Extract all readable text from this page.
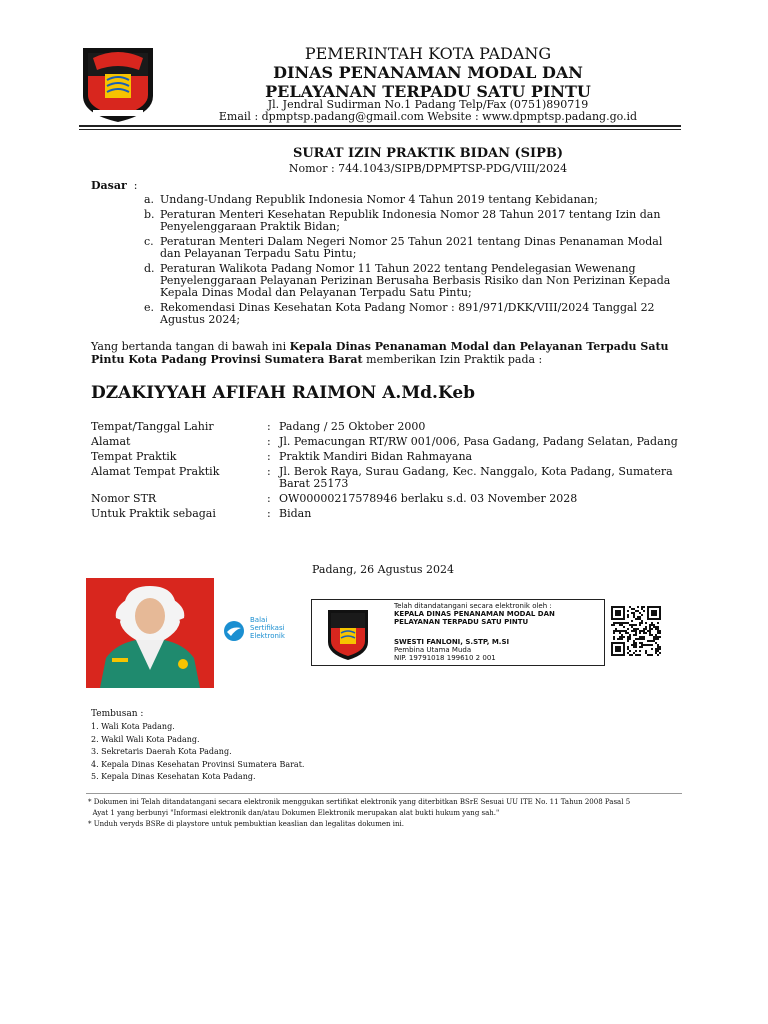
PEMERINTAH KOTA PADANG
DINAS PENANAMAN MODAL DAN
PELAYANAN TERPADU SATU PINTU
Jl. Jendral Sudirman No.1 Padang Telp/Fax (0751)890719
Email : dpmptsp.padang@gmail.com Website : www.dpmptsp.padang.go.id
SURAT IZIN PRAKTIK BIDAN (SIPB)
Nomor : 744.1043/SIPB/DPMPTSP-PDG/VIII/2024
Dasar :
a. Undang-Undang Republik Indonesia Nomor 4 Tahun 2019 tentang Kebidanan;
b. Peraturan Menteri Kesehatan Republik Indonesia Nomor 28 Tahun 2017 tentang Izin dan Penyelenggaraan Praktik Bidan;
c. Peraturan Menteri Dalam Negeri Nomor 25 Tahun 2021 tentang Dinas Penanaman Modal dan Pelayanan Terpadu Satu Pintu;
d. Peraturan Walikota Padang Nomor 11 Tahun 2022 tentang Pendelegasian Wewenang Penyelenggaraan Pelayanan Perizinan Berusaha Berbasis Risiko dan Non Perizinan Kepada Kepala Dinas Modal dan Pelayanan Terpadu Satu Pintu;
e. Rekomendasi Dinas Kesehatan Kota Padang Nomor : 891/971/DKK/VIII/2024 Tanggal 22 Agustus 2024;
Yang bertanda tangan di bawah ini Kepala Dinas Penanaman Modal dan Pelayanan Terpadu Satu Pintu Kota Padang Provinsi Sumatera Barat memberikan Izin Praktik pada :
DZAKIYYAH AFIFAH RAIMON A.Md.Keb
Tempat/Tanggal Lahir	: Padang / 25 Oktober 2000
Alamat	: Jl. Pemacungan RT/RW 001/006, Pasa Gadang, Padang Selatan, Padang
Tempat Praktik	: Praktik Mandiri Bidan Rahmayana
Alamat Tempat Praktik	: Jl. Berok Raya, Surau Gadang, Kec. Nanggalo, Kota Padang, Sumatera Barat 25173
Nomor STR	: OW00000217578946 berlaku s.d. 03 November 2028
Untuk Praktik sebagai	: Bidan
Padang, 26 Agustus 2024
Balai
Sertifikasi
Elektronik
Telah ditandatangani secara elektronik oleh :
KEPALA DINAS PENANAMAN MODAL DAN
PELAYANAN TERPADU SATU PINTU
SWESTI FANLONI, S.STP, M.SI
Pembina Utama Muda
NIP. 19791018 199610 2 001
Tembusan :
1. Wali Kota Padang.
2. Wakil Wali Kota Padang.
3. Sekretaris Daerah Kota Padang.
4. Kepala Dinas Kesehatan Provinsi Sumatera Barat.
5. Kepala Dinas Kesehatan Kota Padang.
* Dokumen ini Telah ditandatangani secara elektronik menggukan sertifikat elektronik yang diterbitkan BSrE Sesuai UU ITE No. 11 Tahun 2008 Pasal 5
Ayat 1 yang berbunyi "Informasi elektronik dan/atau Dokumen Elektronik merupakan alat bukti hukum yang sah."
* Unduh veryds BSRe di playstore untuk pembuktian keaslian dan legalitas dokumen ini.
